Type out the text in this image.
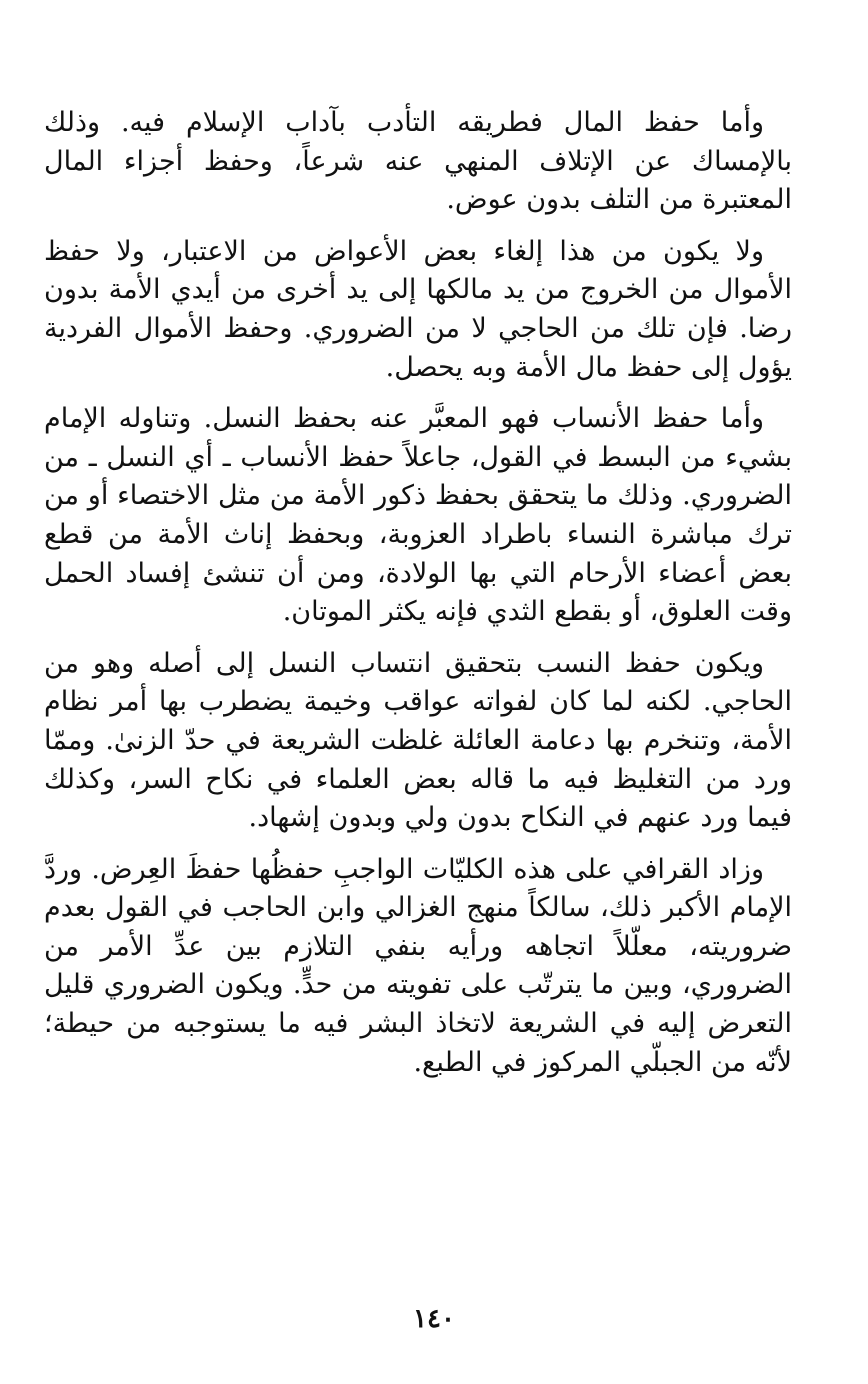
وأما حفظ المال فطريقه التأدب بآداب الإسلام فيه. وذلك بالإمساك عن الإتلاف المنهي عنه شرعاً، وحفظ أجزاء المال المعتبرة من التلف بدون عوض.

ولا يكون من هذا إلغاء بعض الأعواض من الاعتبار، ولا حفظ الأموال من الخروج من يد مالكها إلى يد أخرى من أيدي الأمة بدون رضا. فإن تلك من الحاجي لا من الضروري. وحفظ الأموال الفردية يؤول إلى حفظ مال الأمة وبه يحصل.

وأما حفظ الأنساب فهو المعبَّر عنه بحفظ النسل. وتناوله الإمام بشيء من البسط في القول، جاعلاً حفظ الأنساب ـ أي النسل ـ من الضروري. وذلك ما يتحقق بحفظ ذكور الأمة من مثل الاختصاء أو من ترك مباشرة النساء باطراد العزوبة، وبحفظ إناث الأمة من قطع بعض أعضاء الأرحام التي بها الولادة، ومن أن تنشئ إفساد الحمل وقت العلوق، أو بقطع الثدي فإنه يكثر الموتان.

ويكون حفظ النسب بتحقيق انتساب النسل إلى أصله وهو من الحاجي. لكنه لما كان لفواته عواقب وخيمة يضطرب بها أمر نظام الأمة، وتنخرم بها دعامة العائلة غلظت الشريعة في حدّ الزنىٰ. وممّا ورد من التغليظ فيه ما قاله بعض العلماء في نكاح السر، وكذلك فيما ورد عنهم في النكاح بدون ولي وبدون إشهاد.

وزاد القرافي على هذه الكليّات الواجبِ حفظُها حفظَ العِرض. وردَّ الإمام الأكبر ذلك، سالكاً منهج الغزالي وابن الحاجب في القول بعدم ضروريته، معلّلاً اتجاهه ورأيه بنفي التلازم بين عدِّ الأمر من الضروري، وبين ما يترتّب على تفويته من حدٍّ. ويكون الضروري قليل التعرض إليه في الشريعة لاتخاذ البشر فيه ما يستوجبه من حيطة؛ لأنّه من الجبلّي المركوز في الطبع.

١٤٠
